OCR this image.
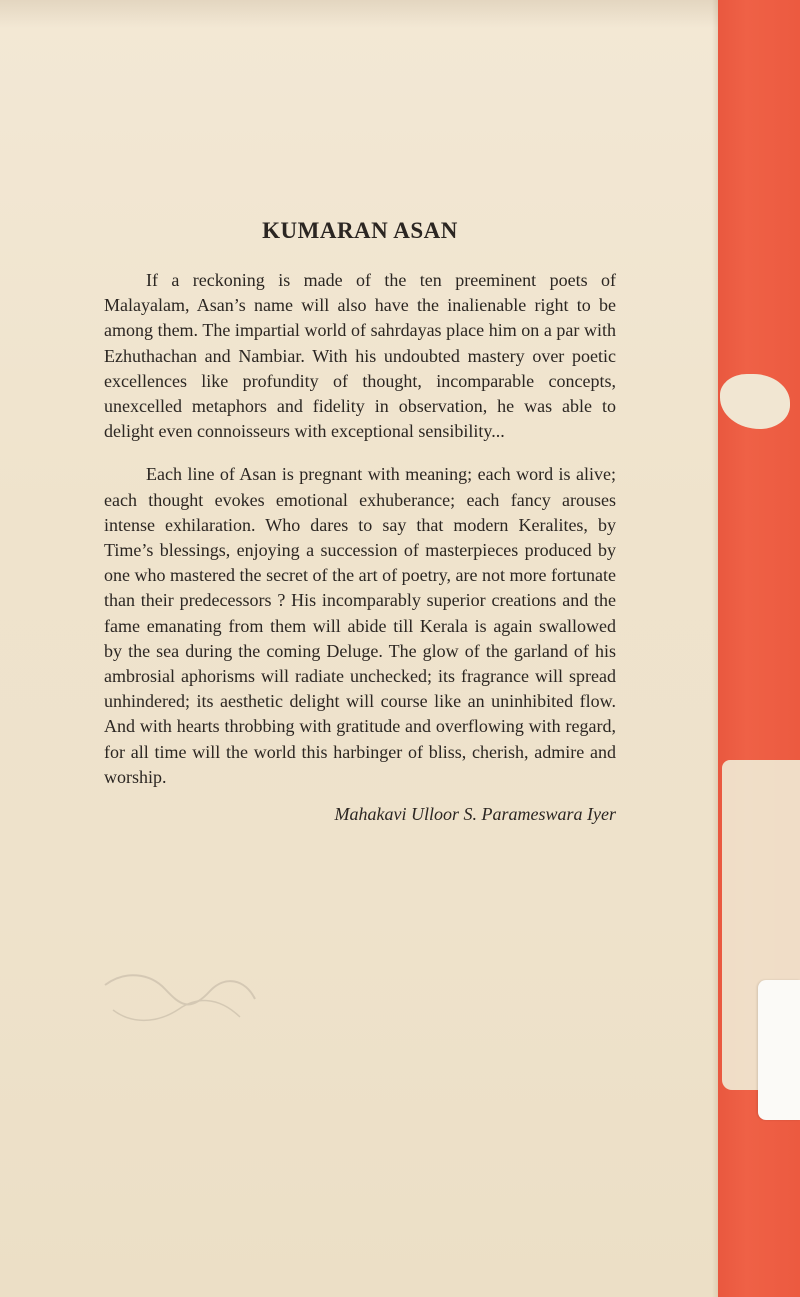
KUMARAN ASAN

If a reckoning is made of the ten preeminent poets of Malayalam, Asan’s name will also have the inalienable right to be among them. The impartial world of sahrdayas place him on a par with Ezhuthachan and Nambiar. With his undoubted mastery over poetic excellences like profundity of thought, incomparable concepts, unexcelled metaphors and fidelity in observation, he was able to delight even connoisseurs with exceptional sensibility...

Each line of Asan is pregnant with meaning; each word is alive; each thought evokes emotional exhuberance; each fancy arouses intense exhilaration. Who dares to say that modern Keralites, by Time’s blessings, enjoying a succession of masterpieces produced by one who mastered the secret of the art of poetry, are not more fortunate than their predecessors ? His incomparably superior creations and the fame emanating from them will abide till Kerala is again swallowed by the sea during the coming Deluge. The glow of the garland of his ambrosial aphorisms will radiate unchecked; its fragrance will spread unhindered; its aesthetic delight will course like an uninhibited flow. And with hearts throbbing with gratitude and overflowing with regard, for all time will the world this harbinger of bliss, cherish, admire and worship.

Mahakavi Ulloor S. Parameswara Iyer
